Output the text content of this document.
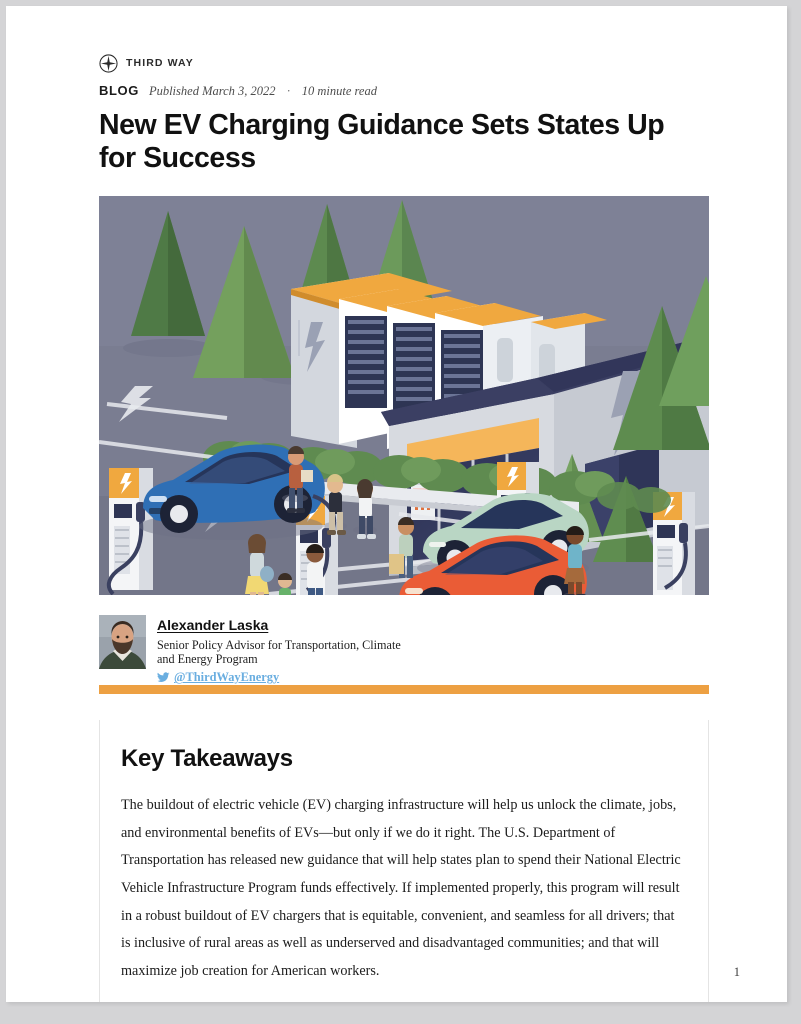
THIRD WAY
BLOG Published March 3, 2022 · 10 minute read
New EV Charging Guidance Sets States Up for Success
Alexander Laska
Senior Policy Advisor for Transportation, Climate
and Energy Program
@ThirdWayEnergy
Key Takeaways

The buildout of electric vehicle (EV) charging infrastructure will help us unlock the climate, jobs, and environmental benefits of EVs—but only if we do it right. The U.S. Department of Transportation has released new guidance that will help states plan to spend their National Electric Vehicle Infrastructure Program funds effectively. If implemented properly, this program will result in a robust buildout of EV chargers that is equitable, convenient, and seamless for all drivers; that is inclusive of rural areas as well as underserved and disadvantaged communities; and that will maximize job creation for American workers.	1
